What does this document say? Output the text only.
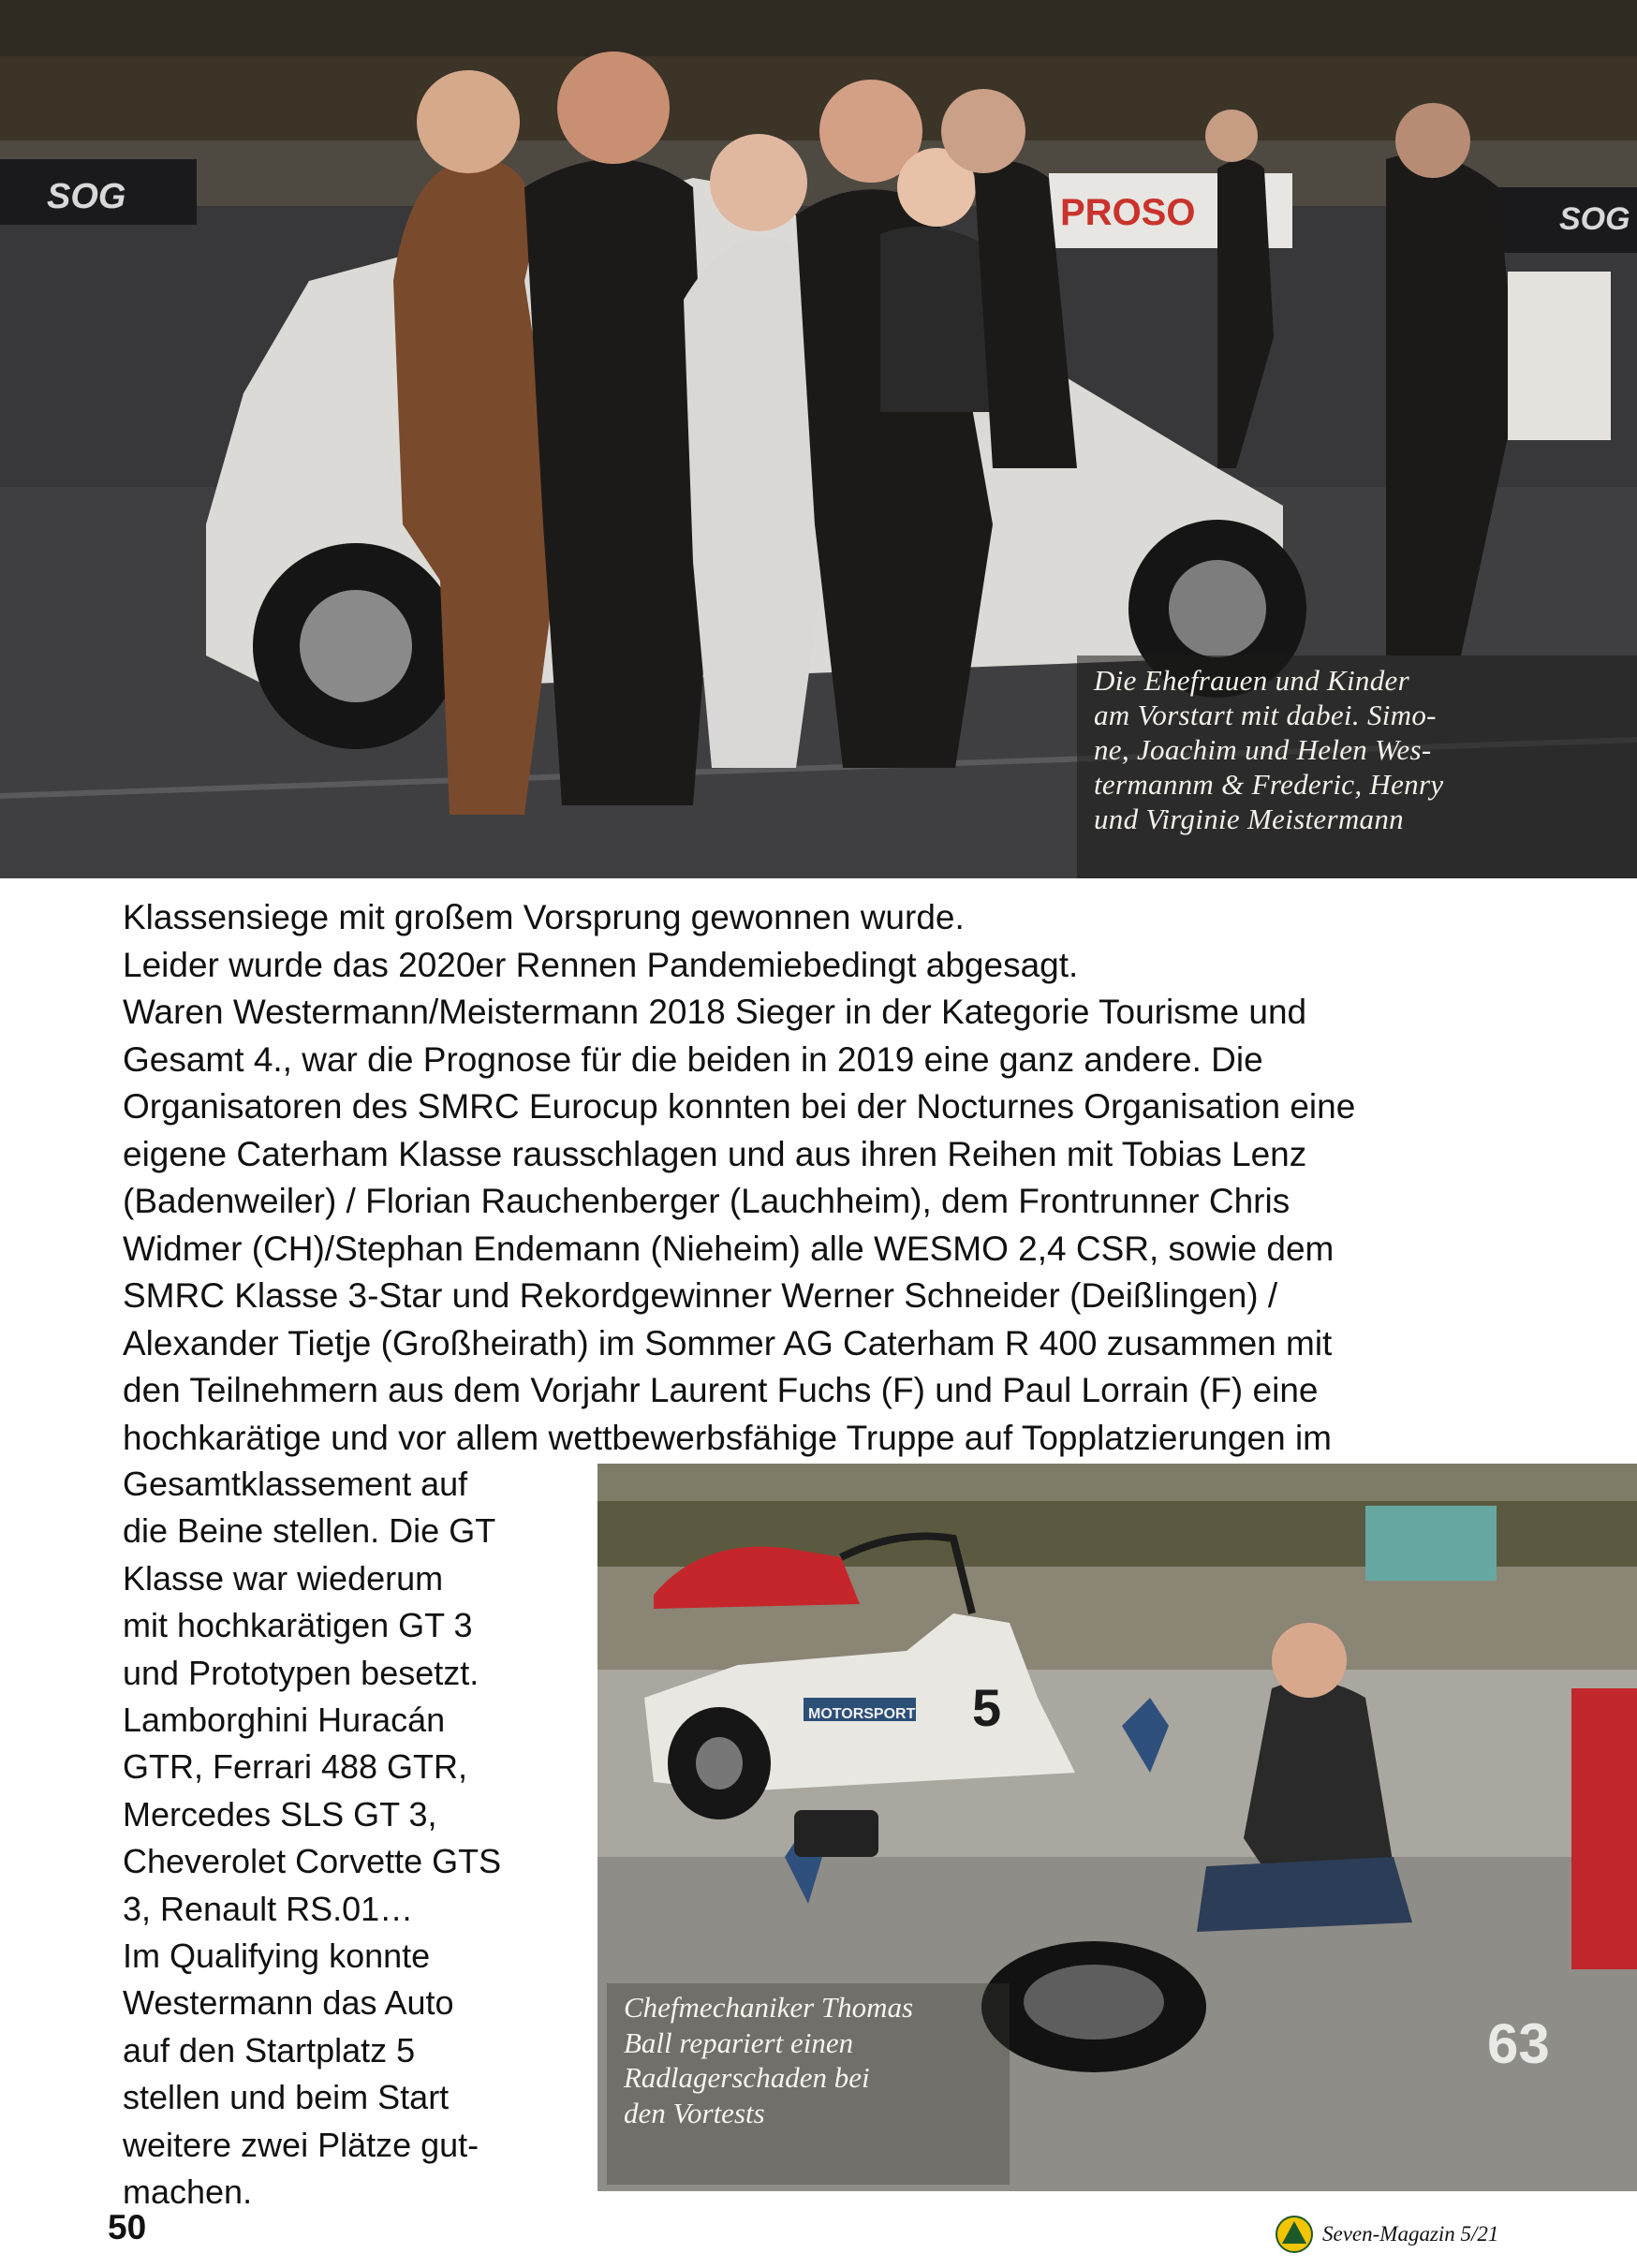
SOG	PROSO	SOG
Die Ehefrauen und Kinder
am Vorstart mit dabei. Simo-
ne, Joachim und Helen Wes-
termannm & Frederic, Henry
und Virginie Meistermann
Klassensiege mit großem Vorsprung gewonnen wurde.
Leider wurde das 2020er Rennen Pandemiebedingt abgesagt.
Waren Westermann/Meistermann 2018 Sieger in der Kategorie Tourisme und
Gesamt 4., war die Prognose für die beiden in 2019 eine ganz andere. Die
Organisatoren des SMRC Eurocup konnten bei der Nocturnes Organisation eine
eigene Caterham Klasse rausschlagen und aus ihren Reihen mit Tobias Lenz
(Badenweiler) / Florian Rauchenberger (Lauchheim), dem Frontrunner Chris
Widmer (CH)/Stephan Endemann (Nieheim) alle WESMO 2,4 CSR, sowie dem
SMRC Klasse 3-Star und Rekordgewinner Werner Schneider (Deißlingen) /
Alexander Tietje (Großheirath) im Sommer AG Caterham R 400 zusammen mit
den Teilnehmern aus dem Vorjahr Laurent Fuchs (F) und Paul Lorrain (F) eine
hochkarätige und vor allem wettbewerbsfähige Truppe auf Topplatzierungen im
Gesamtklassement auf
die Beine stellen. Die GT
Klasse war wiederum
mit hochkarätigen GT 3
und Prototypen besetzt.
Lamborghini Huracán
GTR, Ferrari 488 GTR,
Mercedes SLS GT 3,
Cheverolet Corvette GTS
3, Renault RS.01…
Im Qualifying konnte
Westermann das Auto
auf den Startplatz 5
stellen und beim Start
weitere zwei Plätze gut-
machen.
MOTORSPORT 5
63
Chefmechaniker Thomas
Ball repariert einen
Radlagerschaden bei
den Vortests
50	Seven-Magazin 5/21
